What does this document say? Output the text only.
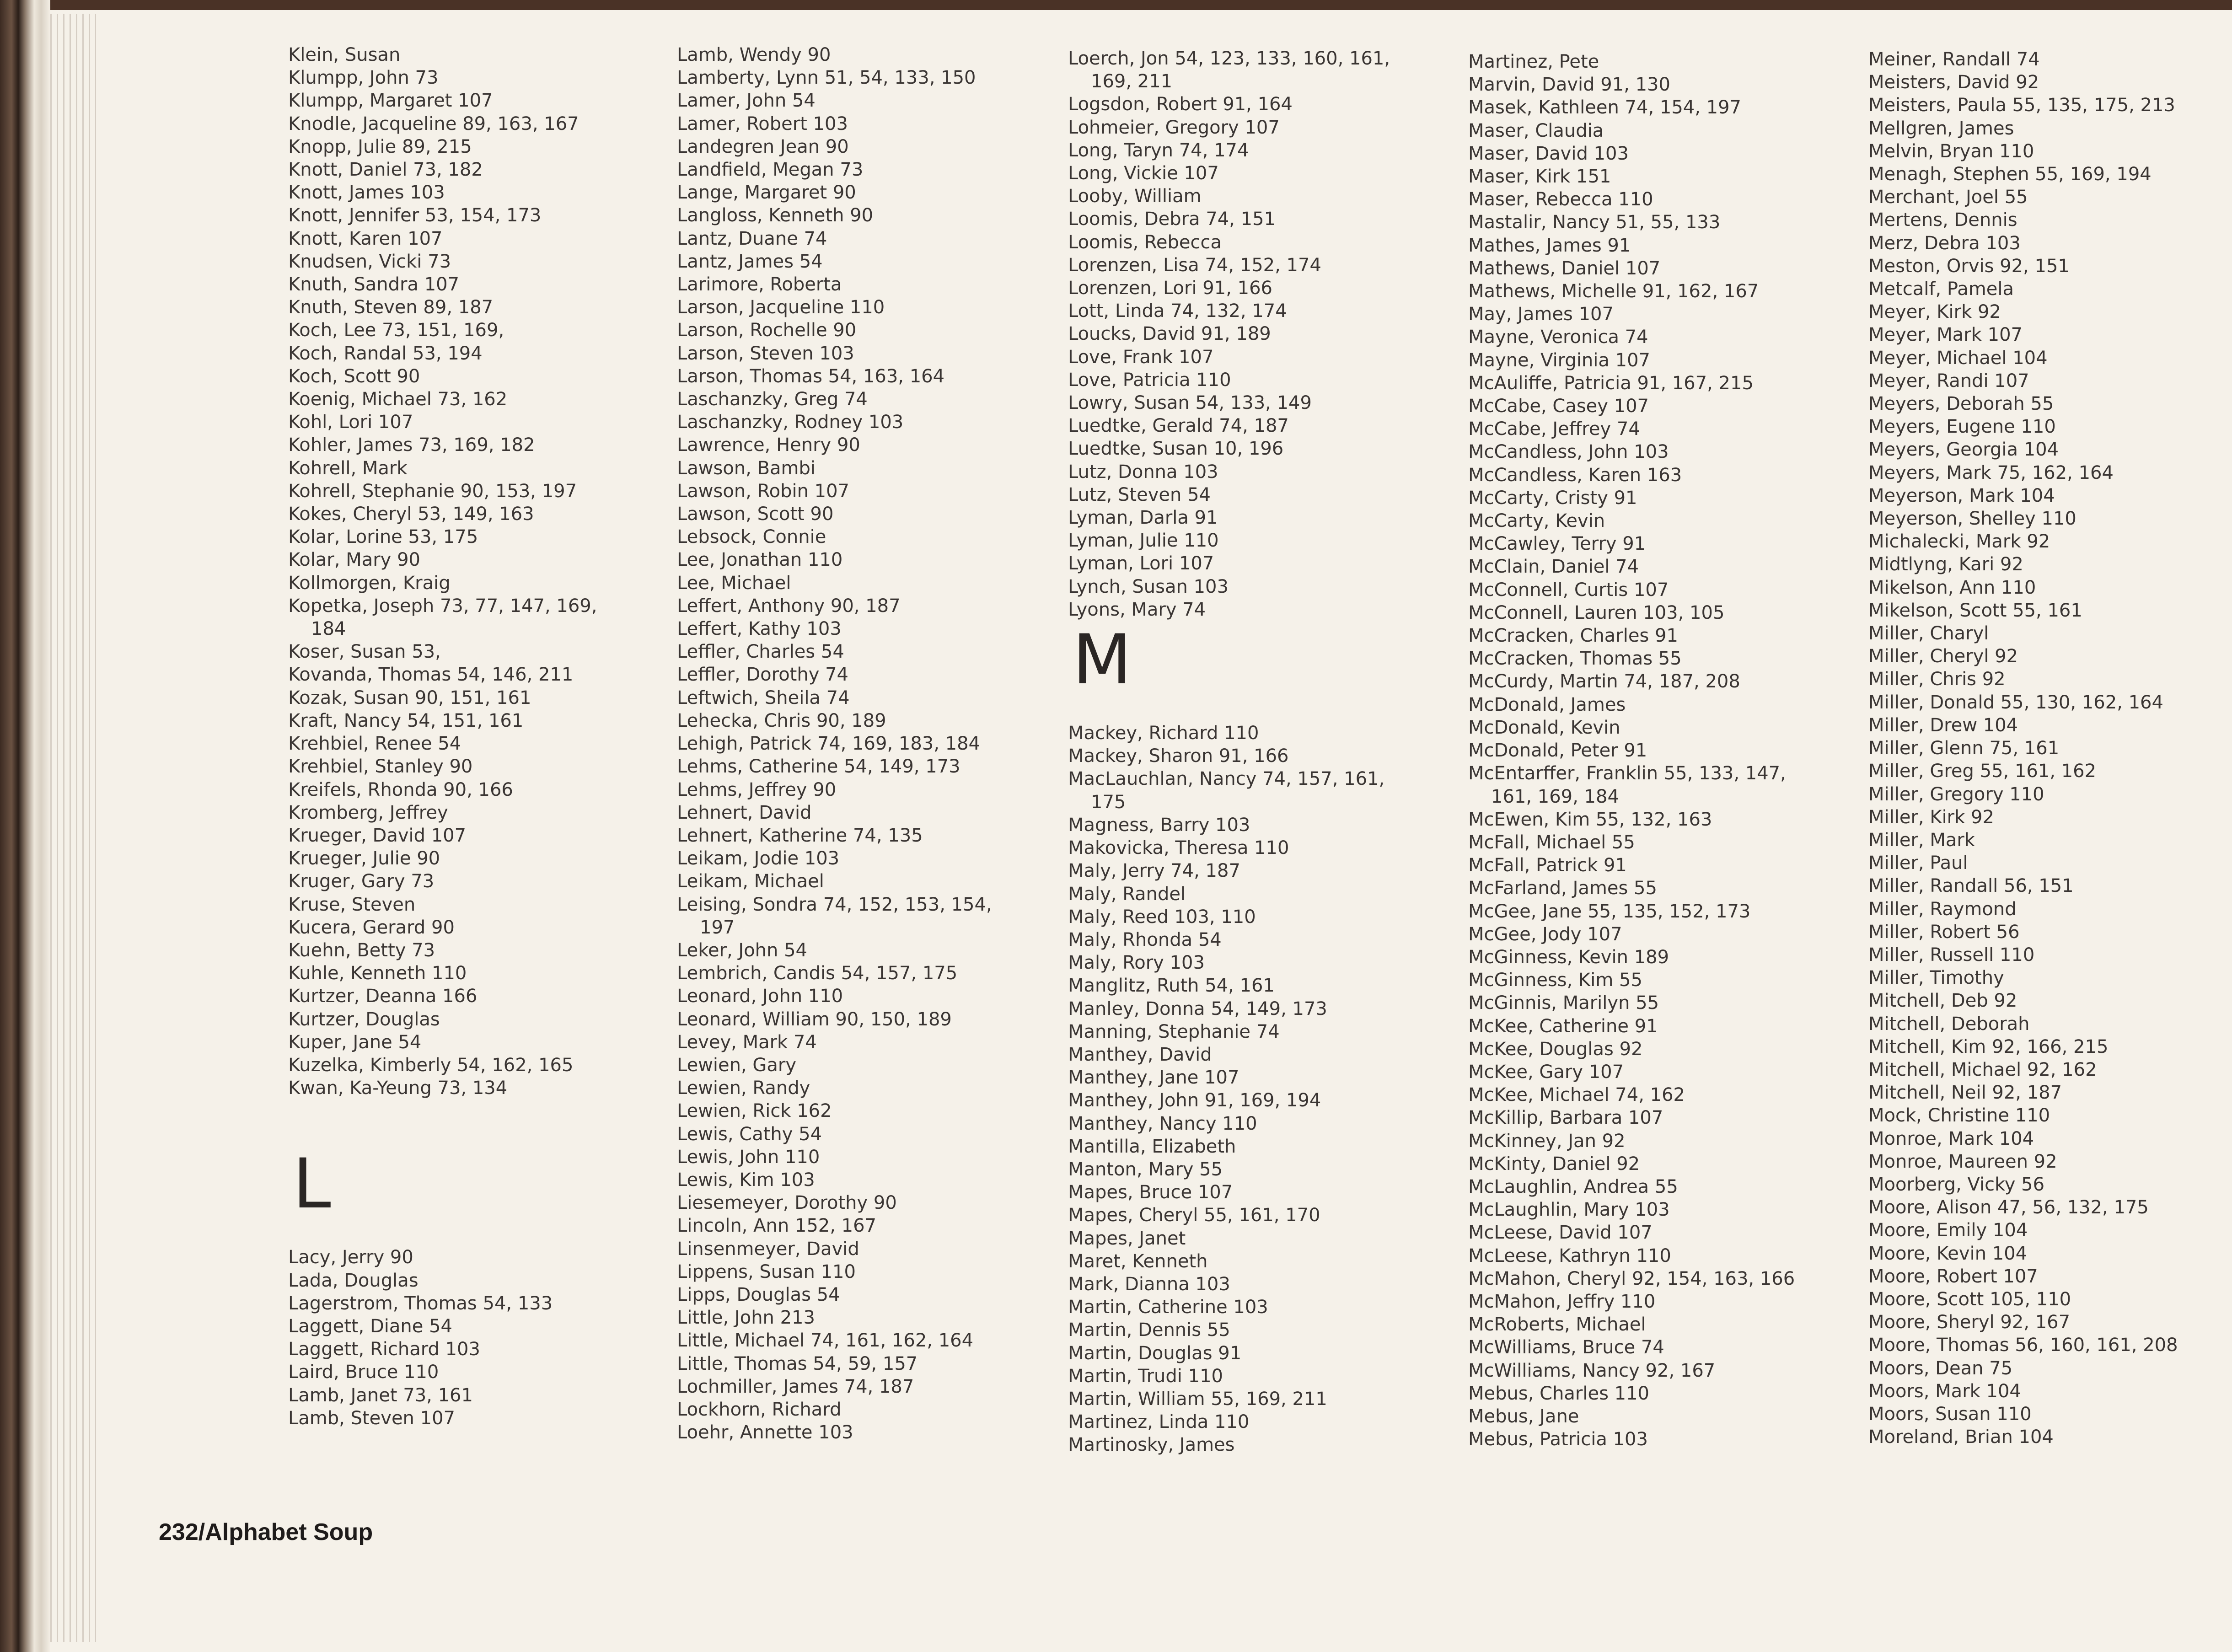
Klein, Susan
Klumpp, John 73
Klumpp, Margaret 107
Knodle, Jacqueline 89, 163, 167
Knopp, Julie 89, 215
Knott, Daniel 73, 182
Knott, James 103
Knott, Jennifer 53, 154, 173
Knott, Karen 107
Knudsen, Vicki 73
Knuth, Sandra 107
Knuth, Steven 89, 187
Koch, Lee 73, 151, 169,
Koch, Randal 53, 194
Koch, Scott 90
Koenig, Michael 73, 162
Kohl, Lori 107
Kohler, James 73, 169, 182
Kohrell, Mark
Kohrell, Stephanie 90, 153, 197
Kokes, Cheryl 53, 149, 163
Kolar, Lorine 53, 175
Kolar, Mary 90
Kollmorgen, Kraig
Kopetka, Joseph 73, 77, 147, 169,
184
Koser, Susan 53,
Kovanda, Thomas 54, 146, 211
Kozak, Susan 90, 151, 161
Kraft, Nancy 54, 151, 161
Krehbiel, Renee 54
Krehbiel, Stanley 90
Kreifels, Rhonda 90, 166
Kromberg, Jeffrey
Krueger, David 107
Krueger, Julie 90
Kruger, Gary 73
Kruse, Steven
Kucera, Gerard 90
Kuehn, Betty 73
Kuhle, Kenneth 110
Kurtzer, Deanna 166
Kurtzer, Douglas
Kuper, Jane 54
Kuzelka, Kimberly 54, 162, 165
Kwan, Ka-Yeung 73, 134
L
Lacy, Jerry 90
Lada, Douglas
Lagerstrom, Thomas 54, 133
Laggett, Diane 54
Laggett, Richard 103
Laird, Bruce 110
Lamb, Janet 73, 161
Lamb, Steven 107
Lamb, Wendy 90
Lamberty, Lynn 51, 54, 133, 150
Lamer, John 54
Lamer, Robert 103
Landegren Jean 90
Landfield, Megan 73
Lange, Margaret 90
Langloss, Kenneth 90
Lantz, Duane 74
Lantz, James 54
Larimore, Roberta
Larson, Jacqueline 110
Larson, Rochelle 90
Larson, Steven 103
Larson, Thomas 54, 163, 164
Laschanzky, Greg 74
Laschanzky, Rodney 103
Lawrence, Henry 90
Lawson, Bambi
Lawson, Robin 107
Lawson, Scott 90
Lebsock, Connie
Lee, Jonathan 110
Lee, Michael
Leffert, Anthony 90, 187
Leffert, Kathy 103
Leffler, Charles 54
Leffler, Dorothy 74
Leftwich, Sheila 74
Lehecka, Chris 90, 189
Lehigh, Patrick 74, 169, 183, 184
Lehms, Catherine 54, 149, 173
Lehms, Jeffrey 90
Lehnert, David
Lehnert, Katherine 74, 135
Leikam, Jodie 103
Leikam, Michael
Leising, Sondra 74, 152, 153, 154,
197
Leker, John 54
Lembrich, Candis 54, 157, 175
Leonard, John 110
Leonard, William 90, 150, 189
Levey, Mark 74
Lewien, Gary
Lewien, Randy
Lewien, Rick 162
Lewis, Cathy 54
Lewis, John 110
Lewis, Kim 103
Liesemeyer, Dorothy 90
Lincoln, Ann 152, 167
Linsenmeyer, David
Lippens, Susan 110
Lipps, Douglas 54
Little, John 213
Little, Michael 74, 161, 162, 164
Little, Thomas 54, 59, 157
Lochmiller, James 74, 187
Lockhorn, Richard
Loehr, Annette 103
Loerch, Jon 54, 123, 133, 160, 161,
169, 211
Logsdon, Robert 91, 164
Lohmeier, Gregory 107
Long, Taryn 74, 174
Long, Vickie 107
Looby, William
Loomis, Debra 74, 151
Loomis, Rebecca
Lorenzen, Lisa 74, 152, 174
Lorenzen, Lori 91, 166
Lott, Linda 74, 132, 174
Loucks, David 91, 189
Love, Frank 107
Love, Patricia 110
Lowry, Susan 54, 133, 149
Luedtke, Gerald 74, 187
Luedtke, Susan 10, 196
Lutz, Donna 103
Lutz, Steven 54
Lyman, Darla 91
Lyman, Julie 110
Lyman, Lori 107
Lynch, Susan 103
Lyons, Mary 74
M
Mackey, Richard 110
Mackey, Sharon 91, 166
MacLauchlan, Nancy 74, 157, 161,
175
Magness, Barry 103
Makovicka, Theresa 110
Maly, Jerry 74, 187
Maly, Randel
Maly, Reed 103, 110
Maly, Rhonda 54
Maly, Rory 103
Manglitz, Ruth 54, 161
Manley, Donna 54, 149, 173
Manning, Stephanie 74
Manthey, David
Manthey, Jane 107
Manthey, John 91, 169, 194
Manthey, Nancy 110
Mantilla, Elizabeth
Manton, Mary 55
Mapes, Bruce 107
Mapes, Cheryl 55, 161, 170
Mapes, Janet
Maret, Kenneth
Mark, Dianna 103
Martin, Catherine 103
Martin, Dennis 55
Martin, Douglas 91
Martin, Trudi 110
Martin, William 55, 169, 211
Martinez, Linda 110
Martinosky, James
Martinez, Pete
Marvin, David 91, 130
Masek, Kathleen 74, 154, 197
Maser, Claudia
Maser, David 103
Maser, Kirk 151
Maser, Rebecca 110
Mastalir, Nancy 51, 55, 133
Mathes, James 91
Mathews, Daniel 107
Mathews, Michelle 91, 162, 167
May, James 107
Mayne, Veronica 74
Mayne, Virginia 107
McAuliffe, Patricia 91, 167, 215
McCabe, Casey 107
McCabe, Jeffrey 74
McCandless, John 103
McCandless, Karen 163
McCarty, Cristy 91
McCarty, Kevin
McCawley, Terry 91
McClain, Daniel 74
McConnell, Curtis 107
McConnell, Lauren 103, 105
McCracken, Charles 91
McCracken, Thomas 55
McCurdy, Martin 74, 187, 208
McDonald, James
McDonald, Kevin
McDonald, Peter 91
McEntarffer, Franklin 55, 133, 147,
161, 169, 184
McEwen, Kim 55, 132, 163
McFall, Michael 55
McFall, Patrick 91
McFarland, James 55
McGee, Jane 55, 135, 152, 173
McGee, Jody 107
McGinness, Kevin 189
McGinness, Kim 55
McGinnis, Marilyn 55
McKee, Catherine 91
McKee, Douglas 92
McKee, Gary 107
McKee, Michael 74, 162
McKillip, Barbara 107
McKinney, Jan 92
McKinty, Daniel 92
McLaughlin, Andrea 55
McLaughlin, Mary 103
McLeese, David 107
McLeese, Kathryn 110
McMahon, Cheryl 92, 154, 163, 166
McMahon, Jeffry 110
McRoberts, Michael
McWilliams, Bruce 74
McWilliams, Nancy 92, 167
Mebus, Charles 110
Mebus, Jane
Mebus, Patricia 103
Meiner, Randall 74
Meisters, David 92
Meisters, Paula 55, 135, 175, 213
Mellgren, James
Melvin, Bryan 110
Menagh, Stephen 55, 169, 194
Merchant, Joel 55
Mertens, Dennis
Merz, Debra 103
Meston, Orvis 92, 151
Metcalf, Pamela
Meyer, Kirk 92
Meyer, Mark 107
Meyer, Michael 104
Meyer, Randi 107
Meyers, Deborah 55
Meyers, Eugene 110
Meyers, Georgia 104
Meyers, Mark 75, 162, 164
Meyerson, Mark 104
Meyerson, Shelley 110
Michalecki, Mark 92
Midtlyng, Kari 92
Mikelson, Ann 110
Mikelson, Scott 55, 161
Miller, Charyl
Miller, Cheryl 92
Miller, Chris 92
Miller, Donald 55, 130, 162, 164
Miller, Drew 104
Miller, Glenn 75, 161
Miller, Greg 55, 161, 162
Miller, Gregory 110
Miller, Kirk 92
Miller, Mark
Miller, Paul
Miller, Randall 56, 151
Miller, Raymond
Miller, Robert 56
Miller, Russell 110
Miller, Timothy
Mitchell, Deb 92
Mitchell, Deborah
Mitchell, Kim 92, 166, 215
Mitchell, Michael 92, 162
Mitchell, Neil 92, 187
Mock, Christine 110
Monroe, Mark 104
Monroe, Maureen 92
Moorberg, Vicky 56
Moore, Alison 47, 56, 132, 175
Moore, Emily 104
Moore, Kevin 104
Moore, Robert 107
Moore, Scott 105, 110
Moore, Sheryl 92, 167
Moore, Thomas 56, 160, 161, 208
Moors, Dean 75
Moors, Mark 104
Moors, Susan 110
Moreland, Brian 104
232/Alphabet Soup
